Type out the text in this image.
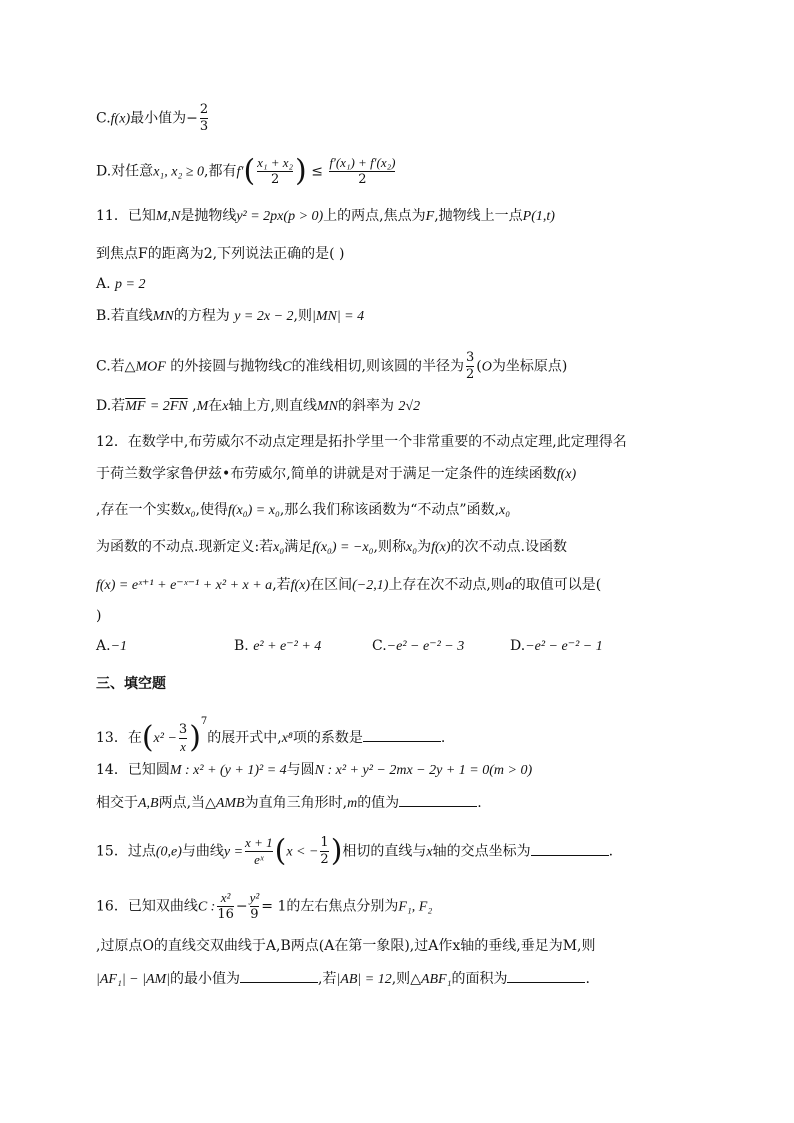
C.f(x)最小值为− $\frac{2}{3}$
D.对任意x₁, x₂ ≥ 0,都有$f'( \frac{\text{x₁ + x₂}}{2}$ ) ≤ $\frac{\text{f′(x₁) + f′(x₂)}}{2}$
11．已知M,N是抛物线y² = 2px(p > 0)上的两点,焦点为F,抛物线上一点P(1,t)
到焦点F的距离为2,下列说法正确的是( )
A. p = 2
B.若直线MN的方程为 y = 2x − 2,则|MN| = 4
C.若△MOF 的外接圆与抛物线C的准线相切,则该圆的半径为 $\frac{3}{2} (O$为坐标原点)
D.若$\overline{MF} = 2\overline{FN}$ ,M在x轴上方,则直线MN的斜率为 2√2
12．在数学中,布劳威尔不动点定理是拓扑学里一个非常重要的不动点定理,此定理得名
于荷兰数学家鲁伊兹•布劳威尔,简单的讲就是对于满足一定条件的连续函数f(x)
,存在一个实数x₀,使得f(x₀) = x₀,那么我们称该函数为“不动点”函数,x₀
为函数的不动点.现新定义:若x₀满足f(x₀) = −x₀,则称x₀为f(x)的次不动点.设函数
f(x) = eˣ⁺¹ + e⁻ˣ⁻¹ + x² + x + a,若f(x)在区间(−2,1)上存在次不动点,则a的取值可以是(
)
A.−1	B. e² + e⁻² + 4	C.−e² − e⁻² − 3	D.−e² − e⁻² − 1
三、填空题
13．在$(x^2 - \frac{3}{x} )^7$的展开式中,x⁸项的系数是	.
14．已知圆M : x² + (y + 1)² = 4与圆N : x² + y² − 2mx − 2y + 1 = 0(m > 0)
相交于A,B两点,当△AMB为直角三角形时,m的值为	.
15．过点(0,e)与曲线$y = \frac{x + 1}{\text{eˣ}} (x$ < − $\frac{1}{2}$ )相切的直线与x轴的交点坐标为	.
16．已知双曲线C : $\frac{\text{x²}}{16} - \frac{\text{y²}}{9} = 1$的左右焦点分别为F₁, F₂
,过原点O的直线交双曲线于A,B两点(A在第一象限),过A作x轴的垂线,垂足为M,则
|AF₁| − |AM|的最小值为	,若|AB| = 12,则△ABF₁的面积为	.
